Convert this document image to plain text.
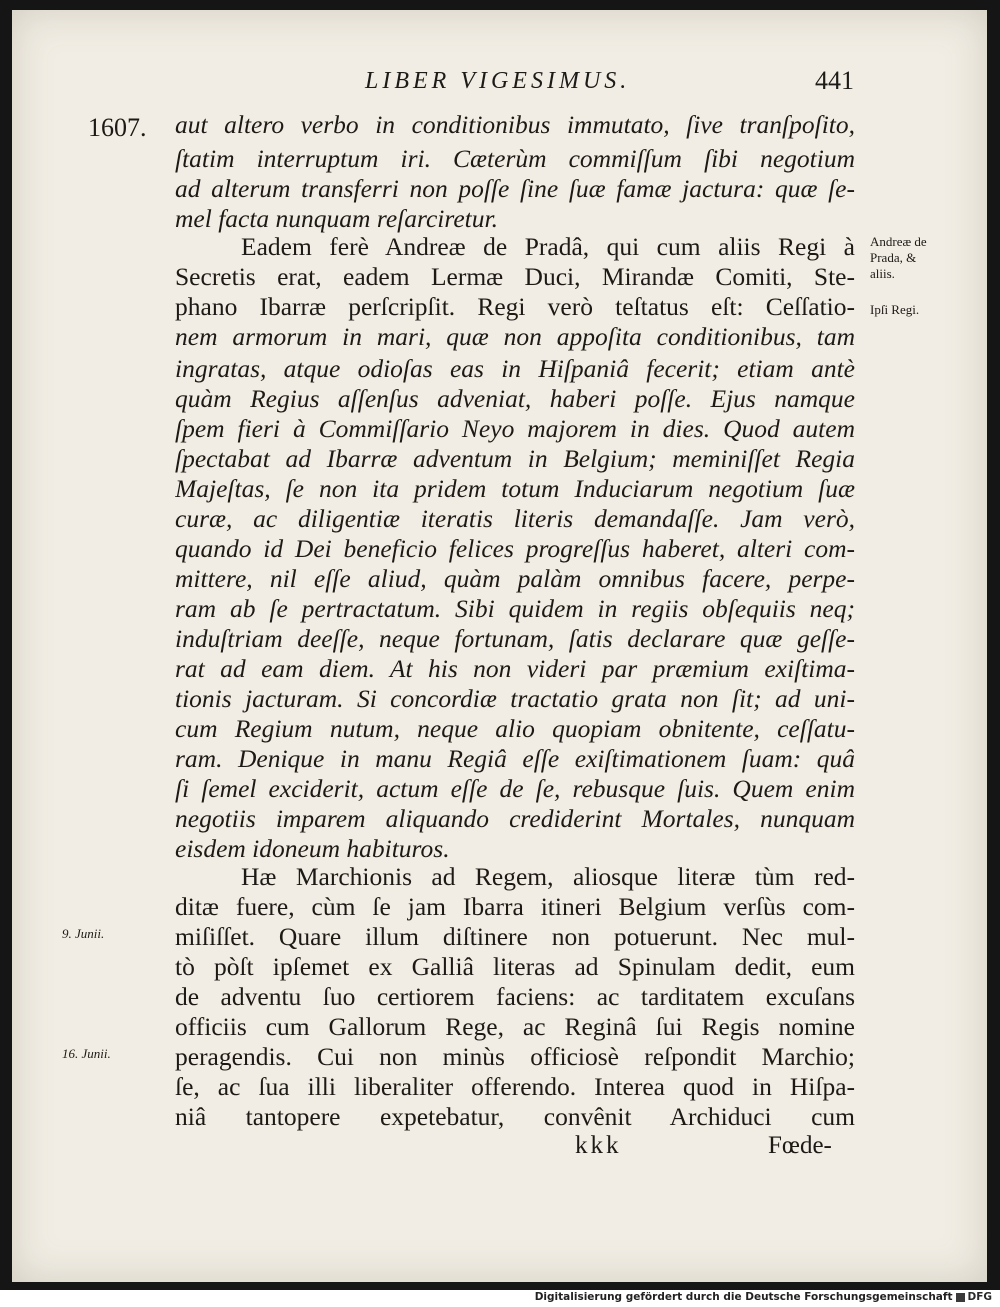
LIBER VIGESIMUS.	441
1607. aut altero verbo in conditionibus immutato, ſive tranſpoſito,
ſtatim interruptum iri. Cæterùm commiſſum ſibi negotium
ad alterum transferri non poſſe ſine ſuæ famæ jactura: quæ ſe-
mel facta nunquam reſarciretur.
Eadem ferè Andreæ de Pradâ, qui cum aliis Regi à
Secretis erat, eadem Lermæ Duci, Mirandæ Comiti, Ste-
phano Ibarræ perſcripſit. Regi verò teſtatus eſt: Ceſſatio-
nem armorum in mari, quæ non appoſita conditionibus, tam
ingratas, atque odioſas eas in Hiſpaniâ fecerit; etiam antè
quàm Regius aſſenſus adveniat, haberi poſſe. Ejus namque
ſpem fieri à Commiſſario Neyo majorem in dies. Quod autem
ſpectabat ad Ibarræ adventum in Belgium; meminiſſet Regia
Majeſtas, ſe non ita pridem totum Induciarum negotium ſuæ
curæ, ac diligentiæ iteratis literis demandaſſe. Jam verò,
quando id Dei beneficio felices progreſſus haberet, alteri com-
mittere, nil eſſe aliud, quàm palàm omnibus facere, perpe-
ram ab ſe pertractatum. Sibi quidem in regiis obſequiis neq;
induſtriam deeſſe, neque fortunam, ſatis declarare quæ geſſe-
rat ad eam diem. At his non videri par præmium exiſtima-
tionis jacturam. Si concordiæ tractatio grata non ſit; ad uni-
cum Regium nutum, neque alio quopiam obnitente, ceſſatu-
ram. Denique in manu Regiâ eſſe exiſtimationem ſuam: quâ
ſi ſemel exciderit, actum eſſe de ſe, rebusque ſuis. Quem enim
negotiis imparem aliquando crediderint Mortales, nunquam
eisdem idoneum habituros.
Hæ Marchionis ad Regem, aliosque literæ tùm red-
ditæ fuere, cùm ſe jam Ibarra itineri Belgium verſùs com-
miſiſſet. Quare illum diſtinere non potuerunt. Nec mul-
tò pòſt ipſemet ex Galliâ literas ad Spinulam dedit, eum
de adventu ſuo certiorem faciens: ac tarditatem excuſans
officiis cum Gallorum Rege, ac Reginâ ſui Regis nomine
peragendis. Cui non minùs officiosè reſpondit Marchio;
ſe, ac ſua illi liberaliter offerendo. Interea quod in Hiſpa-
niâ tantopere expetebatur, convênit Archiduci cum
Andreæ de
Prada, &
aliis.
Ipſi Regi.
9. Junii.
16. Junii.
kkk	Fœde-
Digitalisierung gefördert durch die Deutsche Forschungsgemeinschaft DFG
